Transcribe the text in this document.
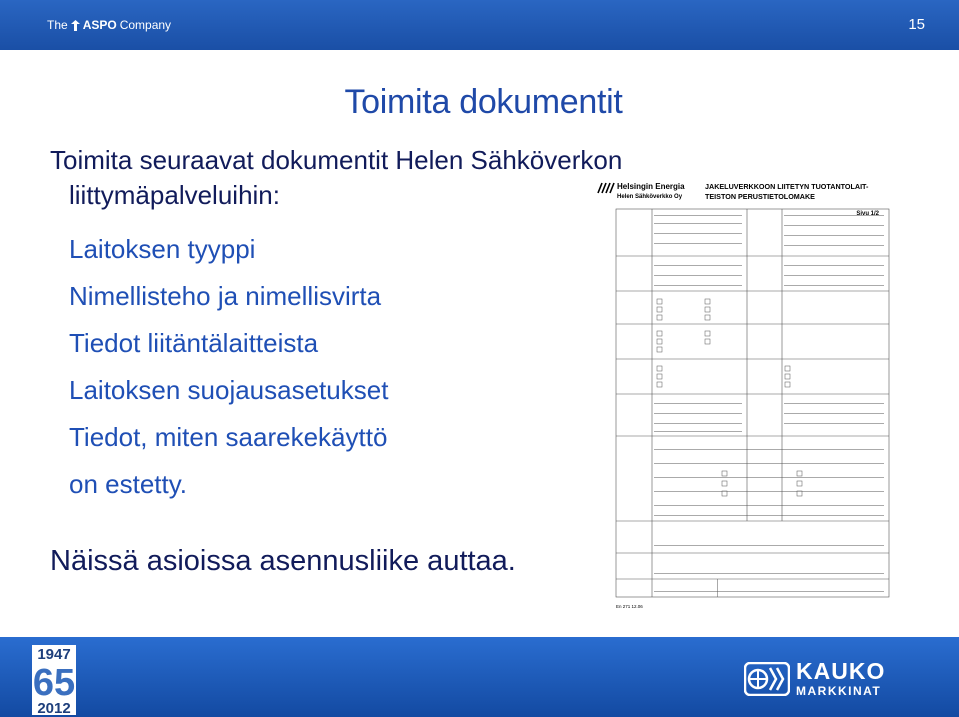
The ASPO Company	15
Toimita dokumentit
Toimita seuraavat dokumentit Helen Sähköverkon
liittymäpalveluihin:
Laitoksen tyyppi
Nimellisteho ja nimellisvirta
Tiedot liitäntälaitteista
Laitoksen suojausasetukset
Tiedot, miten saarekekäyttö
on estetty.
Näissä asioissa asennusliike auttaa.
Helsingin Energia
Helen Sähköverkko Oy
JAKELUVERKKOON LIITETYN TUOTANTOLAIT-
TEISTON PERUSTIETOLOMAKE
Sivu 1/2
En 271 12.06
1947
65
2012
KAUKO
MARKKINAT
